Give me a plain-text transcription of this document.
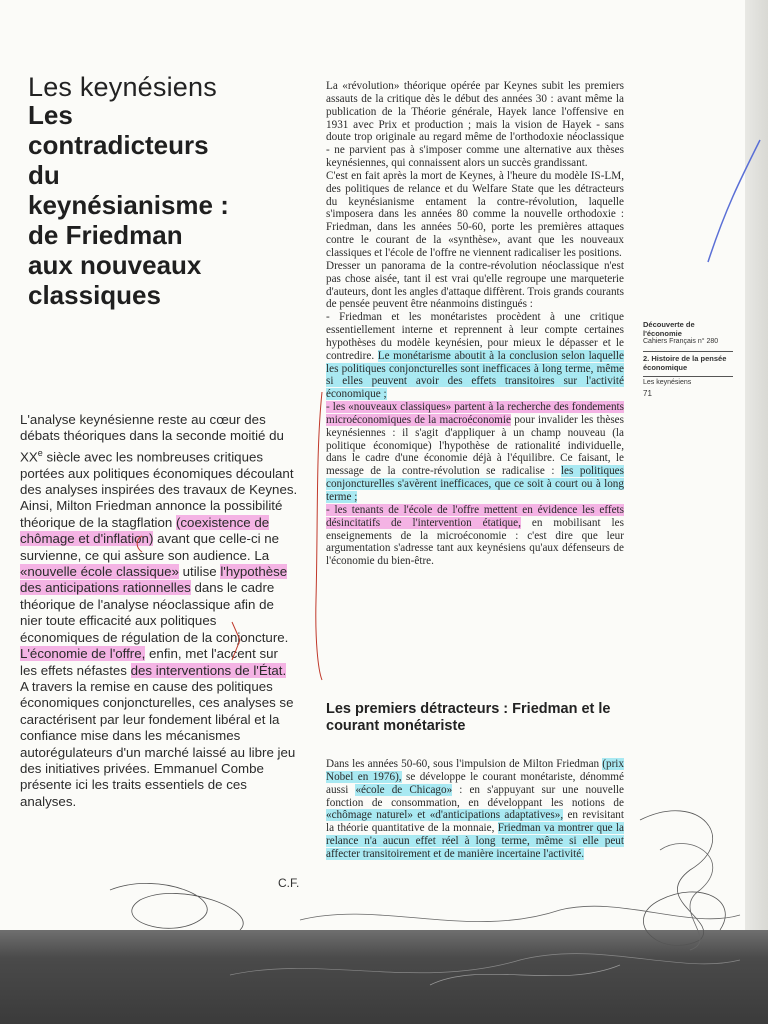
Les keynésiens
Les
contradicteurs
du
keynésianisme :
de Friedman
aux nouveaux
classiques

L'analyse keynésienne reste au cœur des débats théoriques dans la seconde moitié du XXe siècle avec les nombreuses critiques portées aux politiques économiques découlant des analyses inspirées des travaux de Keynes. Ainsi, Milton Friedman annonce la possibilité théorique de la stagflation (coexistence de chômage et d'inflation) avant que celle-ci ne survienne, ce qui assure son audience. La «nouvelle école classique» utilise l'hypothèse des anticipations rationnelles dans le cadre théorique de l'analyse néoclassique afin de nier toute efficacité aux politiques économiques de régulation de la conjoncture. L'économie de l'offre, enfin, met l'accent sur les effets néfastes des interventions de l'État.

A travers la remise en cause des politiques économiques conjoncturelles, ces analyses se caractérisent par leur fondement libéral et la confiance mise dans les mécanismes autorégulateurs d'un marché laissé au libre jeu des initiatives privées. Emmanuel Combe présente ici les traits essentiels de ces analyses.

C.F.

La «révolution» théorique opérée par Keynes subit les premiers assauts de la critique dès le début des années 30 : avant même la publication de la Théorie générale, Hayek lance l'offensive en 1931 avec Prix et production ; mais la vision de Hayek - sans doute trop originale au regard même de l'orthodoxie néoclassique - ne parvient pas à s'imposer comme une alternative aux thèses keynésiennes, qui connaissent alors un succès grandissant.

C'est en fait après la mort de Keynes, à l'heure du modèle IS-LM, des politiques de relance et du Welfare State que les détracteurs du keynésianisme entament la contre-révolution, laquelle s'imposera dans les années 80 comme la nouvelle orthodoxie : Friedman, dans les années 50-60, porte les premières attaques contre le courant de la «synthèse», avant que les nouveaux classiques et l'école de l'offre ne viennent radicaliser les positions.

Dresser un panorama de la contre-révolution néoclassique n'est pas chose aisée, tant il est vrai qu'elle regroupe une marqueterie d'auteurs, dont les angles d'attaque diffèrent. Trois grands courants de pensée peuvent être néanmoins distingués :

- Friedman et les monétaristes procèdent à une critique essentiellement interne et reprennent à leur compte certaines hypothèses du modèle keynésien, pour mieux le dépasser et le contredire. Le monétarisme aboutit à la conclusion selon laquelle les politiques conjoncturelles sont inefficaces à long terme, même si elles peuvent avoir des effets transitoires sur l'activité économique ;

- les «nouveaux classiques» partent à la recherche des fondements microéconomiques de la macroéconomie pour invalider les thèses keynésiennes : il s'agit d'appliquer à un champ nouveau (la politique économique) l'hypothèse de rationalité individuelle, dans le cadre d'une économie déjà à l'équilibre. Ce faisant, le message de la contre-révolution se radicalise : les politiques conjoncturelles s'avèrent inefficaces, que ce soit à court ou à long terme ;

- les tenants de l'école de l'offre mettent en évidence les effets désincitatifs de l'intervention étatique, en mobilisant les enseignements de la microéconomie : c'est dire que leur argumentation s'adresse tant aux keynésiens qu'aux défenseurs de l'économie du bien-être.

Les premiers détracteurs : Friedman et le courant monétariste

Dans les années 50-60, sous l'impulsion de Milton Friedman (prix Nobel en 1976), se développe le courant monétariste, dénommé aussi «école de Chicago» : en s'appuyant sur une nouvelle fonction de consommation, en développant les notions de «chômage naturel» et «d'anticipations adaptatives», en revisitant la théorie quantitative de la monnaie, Friedman va montrer que la relance n'a aucun effet réel à long terme, même si elle peut affecter transitoirement et de manière incertaine l'activité.

Découverte de l'économie
Cahiers Français n° 280
2. Histoire de la pensée économique
Les keynésiens
71
